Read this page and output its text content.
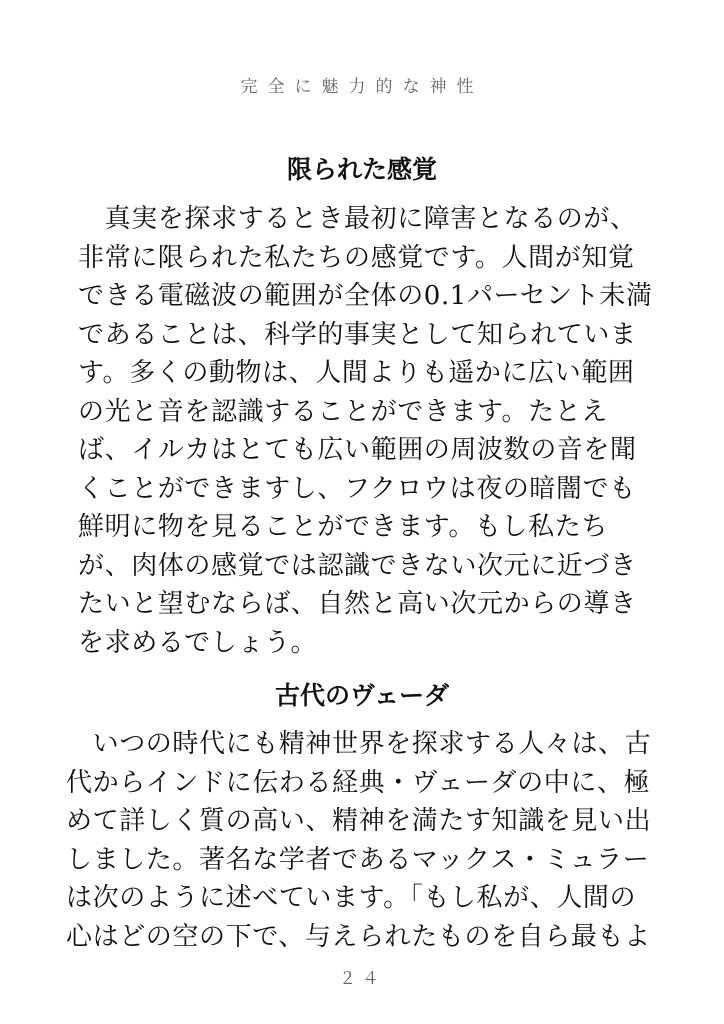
完全に魅力的な神性
限られた感覚
　真実を探求するとき最初に障害となるのが、
非常に限られた私たちの感覚です。人間が知覚
できる電磁波の範囲が全体の0.1パーセント未満
であることは、科学的事実として知られていま
す。多くの動物は、人間よりも遥かに広い範囲
の光と音を認識することができます。たとえ
ば、イルカはとても広い範囲の周波数の音を聞
くことができますし、フクロウは夜の暗闇でも
鮮明に物を見ることができます。もし私たち
が、肉体の感覚では認識できない次元に近づき
たいと望むならば、自然と高い次元からの導き
を求めるでしょう。
古代のヴェーダ
　いつの時代にも精神世界を探求する人々は、古
代からインドに伝わる経典・ヴェーダの中に、極
めて詳しく質の高い、精神を満たす知識を見い出
しました。著名な学者であるマックス・ミュラー
は次のように述べています。「もし私が、人間の
心はどの空の下で、与えられたものを自ら最もよ
２４
